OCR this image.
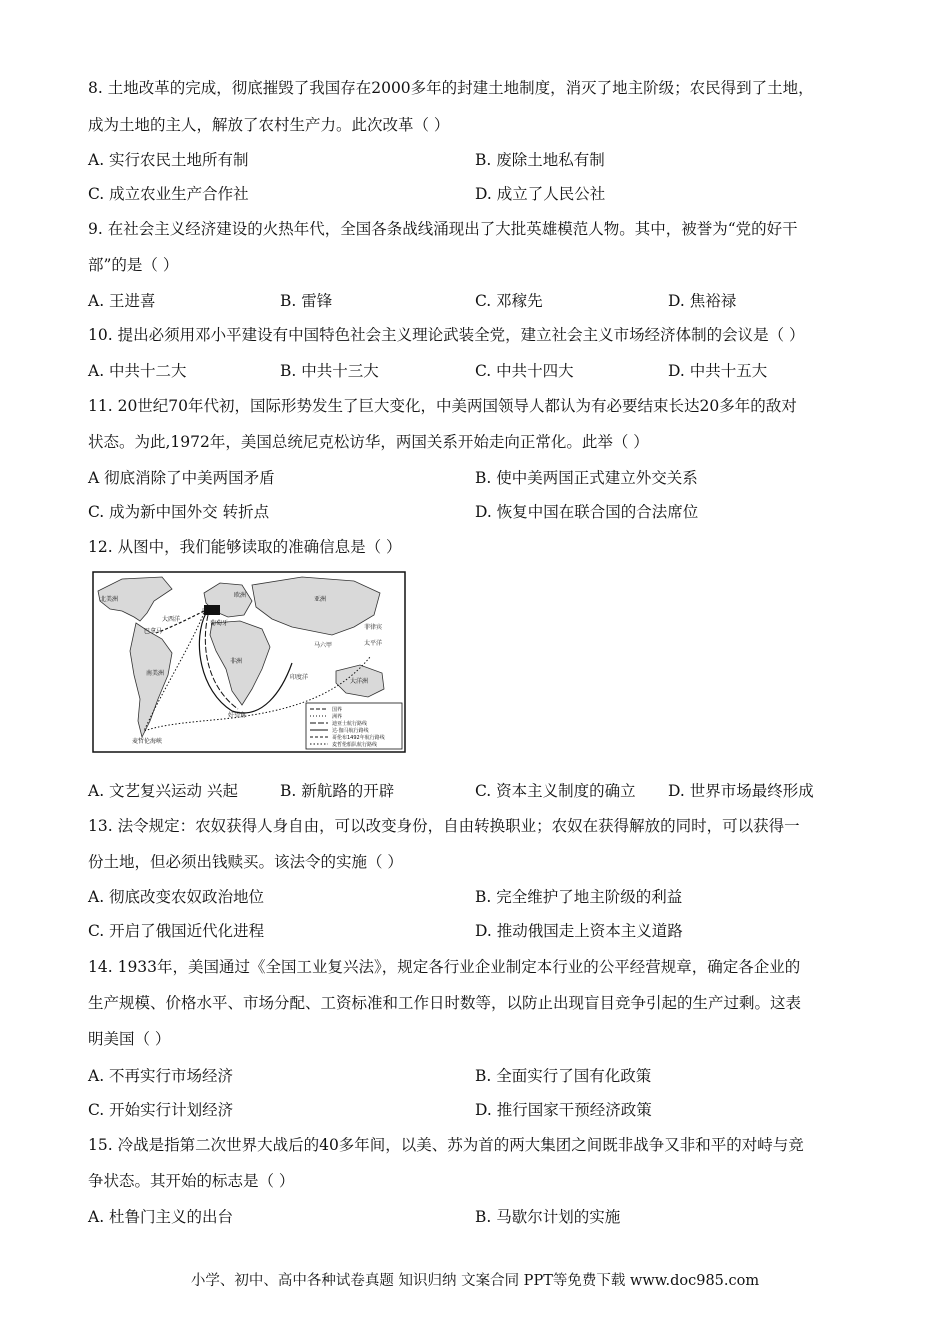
8. 土地改革的完成，彻底摧毁了我国存在2000多年的封建土地制度，消灭了地主阶级；农民得到了土地，
成为土地的主人，解放了农村生产力。此次改革（ ）
A. 实行农民土地所有制	B. 废除土地私有制
C. 成立农业生产合作社	D. 成立了人民公社
9. 在社会主义经济建设的火热年代，全国各条战线涌现出了大批英雄模范人物。其中，被誉为“党的好干
部”的是（ ）
A. 王进喜	B. 雷锋	C. 邓稼先	D. 焦裕禄
10. 提出必须用邓小平建设有中国特色社会主义理论武装全党，建立社会主义市场经济体制的会议是（ ）
A. 中共十二大	B. 中共十三大	C. 中共十四大	D. 中共十五大
11. 20世纪70年代初，国际形势发生了巨大变化，中美两国领导人都认为有必要结束长达20多年的敌对
状态。为此,1972年，美国总统尼克松访华，两国关系开始走向正常化。此举（ ）
A 彻底消除了中美两国矛盾	B. 使中美两国正式建立外交关系
C. 成为新中国外交 转折点	D. 恢复中国在联合国的合法席位
12. 从图中，我们能够读取的准确信息是（ ）
国界
洲界
迪亚士航行路线
达·伽马航行路线
哥伦布1492年航行路线
麦哲伦船队航行路线
北美洲
大西洋
欧洲
亚洲
太平洋
非洲
南美洲
印度洋
大洋洲
西班牙
葡萄牙
巴拿马
好望角
马六甲
菲律宾
麦哲伦海峡
A. 文艺复兴运动 兴起	B. 新航路的开辟	C. 资本主义制度的确立 D. 世界市场最终形成
13. 法令规定：农奴获得人身自由，可以改变身份，自由转换职业；农奴在获得解放的同时，可以获得一
份土地，但必须出钱赎买。该法令的实施（ ）
A. 彻底改变农奴政治地位	B. 完全维护了地主阶级的利益
C. 开启了俄国近代化进程	D. 推动俄国走上资本主义道路
14. 1933年，美国通过《全国工业复兴法》，规定各行业企业制定本行业的公平经营规章，确定各企业的
生产规模、价格水平、市场分配、工资标准和工作日时数等，以防止出现盲目竞争引起的生产过剩。这表
明美国（ ）
A. 不再实行市场经济	B. 全面实行了国有化政策
C. 开始实行计划经济	D. 推行国家干预经济政策
15. 冷战是指第二次世界大战后的40多年间，以美、苏为首的两大集团之间既非战争又非和平的对峙与竞
争状态。其开始的标志是（ ）
A. 杜鲁门主义的出台	B. 马歇尔计划的实施
小学、初中、高中各种试卷真题 知识归纳 文案合同 PPT等免费下载 www.doc985.com
